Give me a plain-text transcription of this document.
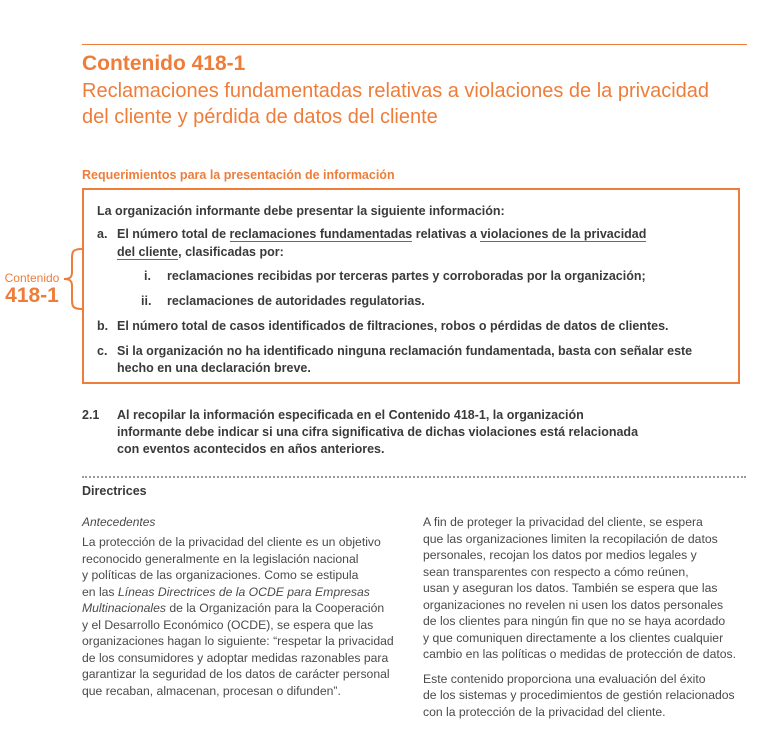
Contenido 418-1
Reclamaciones fundamentadas relativas a violaciones de la privacidad
del cliente y pérdida de datos del cliente
Requerimientos para la presentación de información
Contenido
418-1
La organización informante debe presentar la siguiente información:
a. El número total de reclamaciones fundamentadas relativas a violaciones de la privacidad
del cliente, clasificadas por:
i. reclamaciones recibidas por terceras partes y corroboradas por la organización;
ii. reclamaciones de autoridades regulatorias.
b. El número total de casos identificados de filtraciones, robos o pérdidas de datos de clientes.
c. Si la organización no ha identificado ninguna reclamación fundamentada, basta con señalar este
hecho en una declaración breve.
2.1 Al recopilar la información especificada en el Contenido 418-1, la organización
informante debe indicar si una cifra significativa de dichas violaciones está relacionada
con eventos acontecidos en años anteriores.
Directrices
Antecedentes
La protección de la privacidad del cliente es un objetivo
reconocido generalmente en la legislación nacional
y políticas de las organizaciones. Como se estipula
en las Líneas Directrices de la OCDE para Empresas
Multinacionales de la Organización para la Cooperación
y el Desarrollo Económico (OCDE), se espera que las
organizaciones hagan lo siguiente: “respetar la privacidad
de los consumidores y adoptar medidas razonables para
garantizar la seguridad de los datos de carácter personal
que recaban, almacenan, procesan o difunden”.
A fin de proteger la privacidad del cliente, se espera
que las organizaciones limiten la recopilación de datos
personales, recojan los datos por medios legales y
sean transparentes con respecto a cómo reúnen,
usan y aseguran los datos. También se espera que las
organizaciones no revelen ni usen los datos personales
de los clientes para ningún fin que no se haya acordado
y que comuniquen directamente a los clientes cualquier
cambio en las políticas o medidas de protección de datos.
Este contenido proporciona una evaluación del éxito
de los sistemas y procedimientos de gestión relacionados
con la protección de la privacidad del cliente.
